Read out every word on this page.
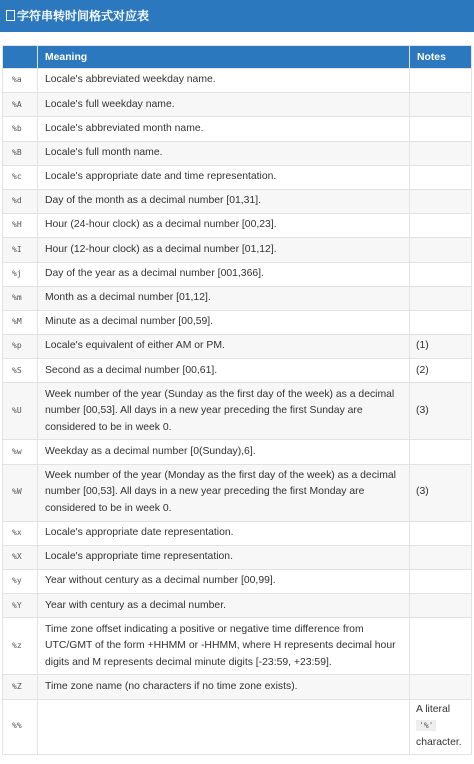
字符串转时间格式对应表
	Meaning	Notes
%a	Locale's abbreviated weekday name.	
%A	Locale's full weekday name.	
%b	Locale's abbreviated month name.	
%B	Locale's full month name.	
%c	Locale's appropriate date and time representation.	
%d	Day of the month as a decimal number [01,31].	
%H	Hour (24-hour clock) as a decimal number [00,23].	
%I	Hour (12-hour clock) as a decimal number [01,12].	
%j	Day of the year as a decimal number [001,366].	
%m	Month as a decimal number [01,12].	
%M	Minute as a decimal number [00,59].	
%p	Locale's equivalent of either AM or PM.	(1)
%S	Second as a decimal number [00,61].	(2)
%U	Week number of the year (Sunday as the first day of the week) as a decimal number [00,53]. All days in a new year preceding the first Sunday are considered to be in week 0.	(3)
%w	Weekday as a decimal number [0(Sunday),6].	
%W	Week number of the year (Monday as the first day of the week) as a decimal number [00,53]. All days in a new year preceding the first Monday are considered to be in week 0.	(3)
%x	Locale's appropriate date representation.	
%X	Locale's appropriate time representation.	
%y	Year without century as a decimal number [00,99].	
%Y	Year with century as a decimal number.	
%z	Time zone offset indicating a positive or negative time difference from UTC/GMT of the form +HHMM or -HHMM, where H represents decimal hour digits and M represents decimal minute digits [-23:59, +23:59].	
%Z	Time zone name (no characters if no time zone exists).	
%%		A literal
'%'
character.
